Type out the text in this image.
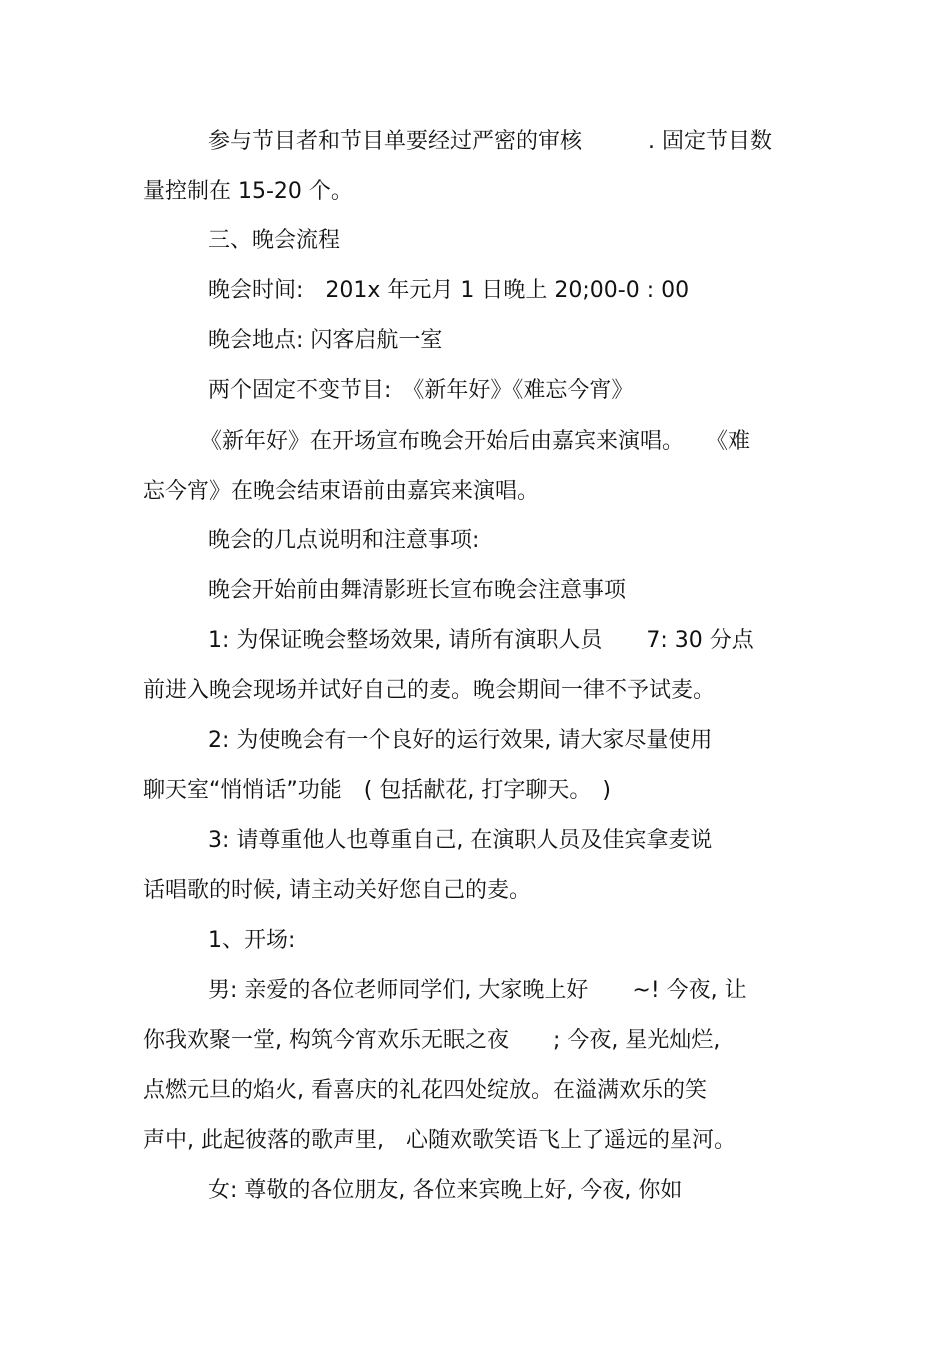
参与节目者和节目单要经过严密的审核　　　. 固定节目数
量控制在 15-20 个。
三、晚会流程
晚会时间:　201x 年元月 1 日晚上 20;00-0 : 00
晚会地点: 闪客启航一室
两个固定不变节目:　《新年好》《难忘今宵》
《新年好》在开场宣布晚会开始后由嘉宾来演唱。　　《难
忘今宵》在晚会结束语前由嘉宾来演唱。
晚会的几点说明和注意事项:
晚会开始前由舞清影班长宣布晚会注意事项
1: 为保证晚会整场效果, 请所有演职人员　　7: 30 分点
前进入晚会现场并试好自己的麦。晚会期间一律不予试麦。
2: 为使晚会有一个良好的运行效果, 请大家尽量使用
聊天室“悄悄话”功能　( 包括献花, 打字聊天。　)
3: 请尊重他人也尊重自己, 在演职人员及佳宾拿麦说
话唱歌的时候, 请主动关好您自己的麦。
1、开场:
男: 亲爱的各位老师同学们, 大家晚上好　　~! 今夜, 让
你我欢聚一堂, 构筑今宵欢乐无眠之夜　　; 今夜, 星光灿烂,
点燃元旦的焰火, 看喜庆的礼花四处绽放。在溢满欢乐的笑
声中, 此起彼落的歌声里,　心随欢歌笑语飞上了遥远的星河。
女: 尊敬的各位朋友, 各位来宾晚上好, 今夜, 你如
